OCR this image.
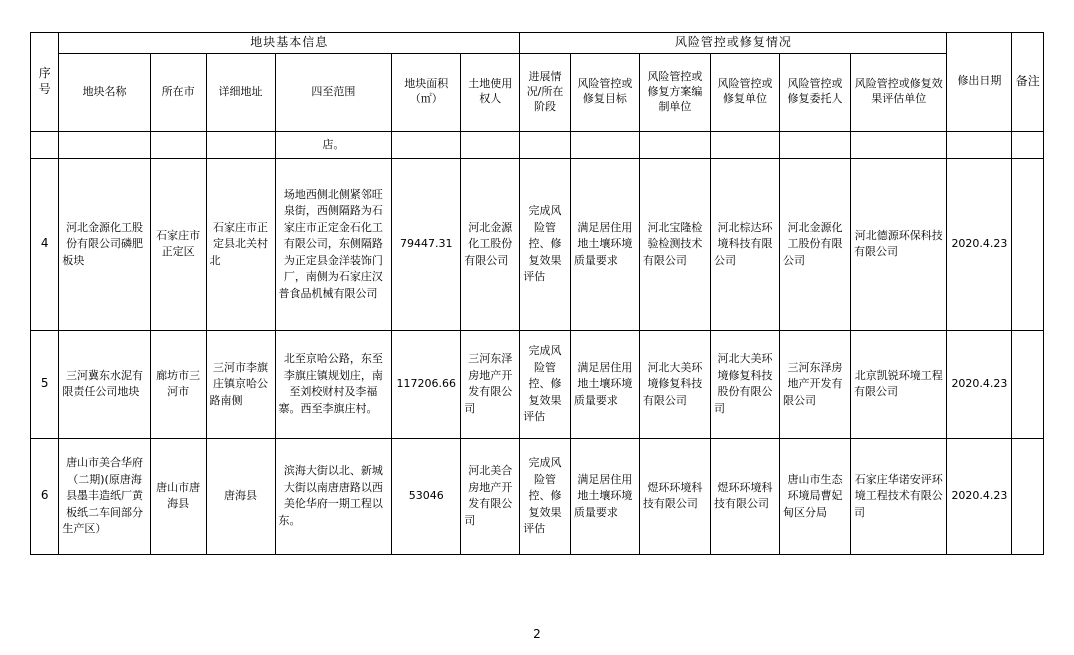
序号	地块基本信息						风险管控或修复情况						修出日期	备注
	地块名称	所在市	详细地址	四至范围	地块面积（㎡）	土地使用权人	进展情况/所在阶段	风险管控或修复目标	风险管控或修复方案编制单位	风险管控或修复单位	风险管控或修复委托人	风险管控或修复效果评估单位		
				店。										
4	河北金源化工股份有限公司磷肥板块	石家庄市正定区	石家庄市正定县北关村北	场地西侧北侧紧邻旺泉街，西侧隔路为石家庄市正定金石化工有限公司，东侧隔路为正定县金洋装饰门厂，南侧为石家庄汉普食品机械有限公司	79447.31	河北金源化工股份有限公司	完成风险管控、修复效果评估	满足居住用地土壤环境质量要求	河北宝隆检验检测技术有限公司	河北棕达环境科技有限公司	河北金源化工股份有限公司	河北德源环保科技有限公司	2020.4.23	
5	三河冀东水泥有限责任公司地块	廊坊市三河市	三河市李旗庄镇京哈公路南侧	北至京哈公路，东至李旗庄镇规划庄，南至刘校财村及李福寨。西至李旗庄村。	117206.66	三河东泽房地产开发有限公司	完成风险管控、修复效果评估	满足居住用地土壤环境质量要求	河北大美环境修复科技有限公司	河北大美环境修复科技股份有限公司	三河东泽房地产开发有限公司	北京凯锐环境工程有限公司	2020.4.23	
6	唐山市美合华府（二期)(原唐海县墨丰造纸厂黄板纸二车间部分生产区）	唐山市唐海县	唐海县	滨海大街以北、新城大街以南唐唐路以西美伦华府一期工程以东。	53046	河北美合房地产开发有限公司	完成风险管控、修复效果评估	满足居住用地土壤环境质量要求	煜环环境科技有限公司	煜环环境科技有限公司	唐山市生态环境局曹妃甸区分局	石家庄华诺安评环境工程技术有限公司	2020.4.23	
2
